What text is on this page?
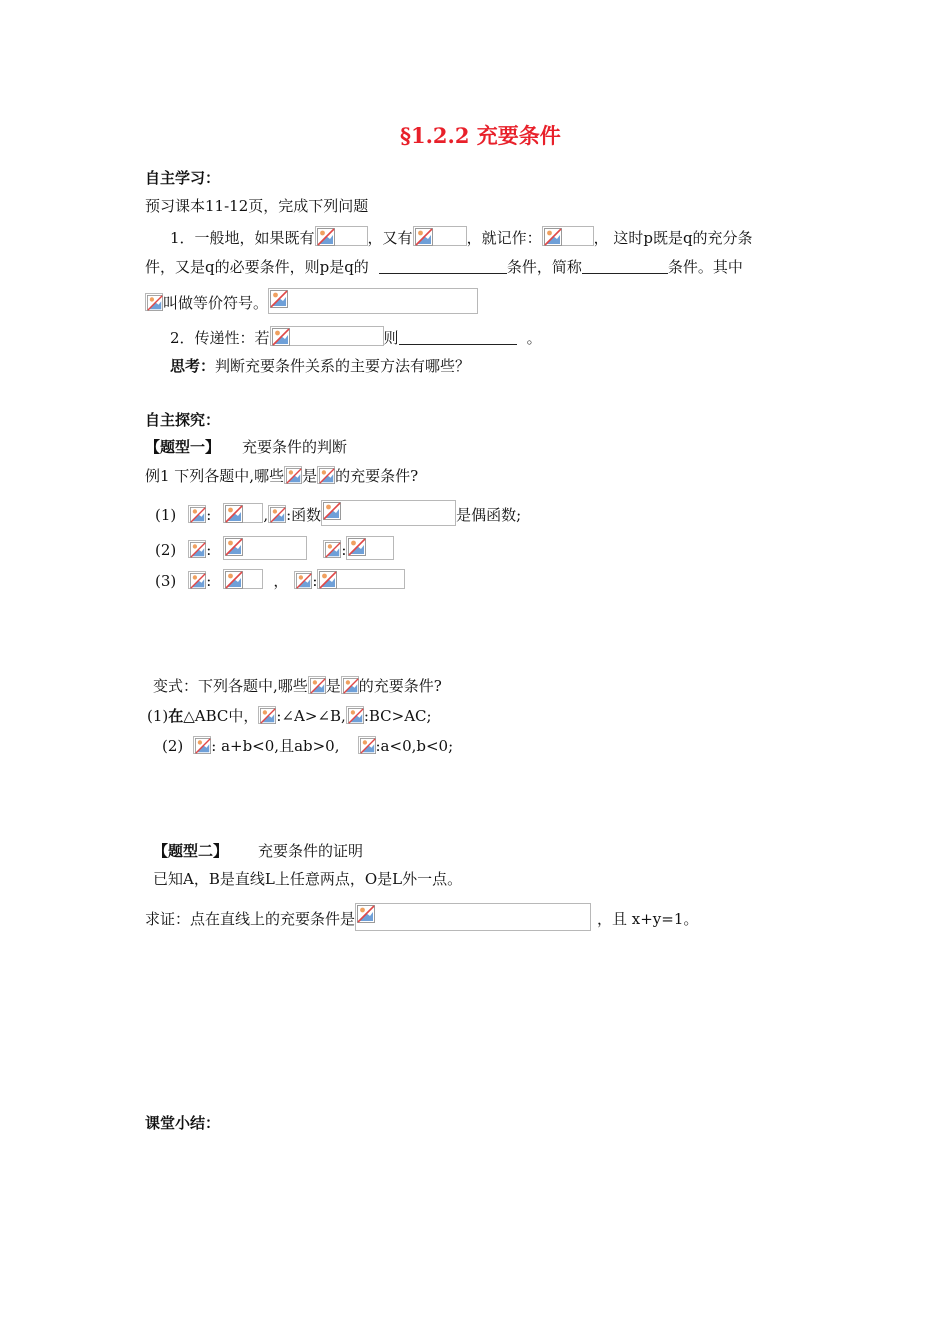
§1.2.2 充要条件
自主学习：
预习课本11-12页，完成下列问题
1．一般地，如果既有	，又有	，就记作：	， 这时p既是q的充分条
件，又是q的必要条件，则p是q的	条件，简称	条件。其中
叫做等价符号。
2．传递性：若	则	。
思考：判断充要条件关系的主要方法有哪些？
自主探究：
【题型一】 充要条件的判断
例1 下列各题中,哪些 是 的充要条件?
(1) :	, :函数	是偶函数;
(2) :	:
(3) :	， :
变式：下列各题中,哪些 是 的充要条件?
(1)在△ABC中， :∠A>∠B, :BC>AC;
(2) : a+b<0,且ab>0, :a<0,b<0;
【题型二】 充要条件的证明
已知A，B是直线L上任意两点，O是L外一点。
求证：点在直线上的充要条件是	，且 x+y=1。
课堂小结：
